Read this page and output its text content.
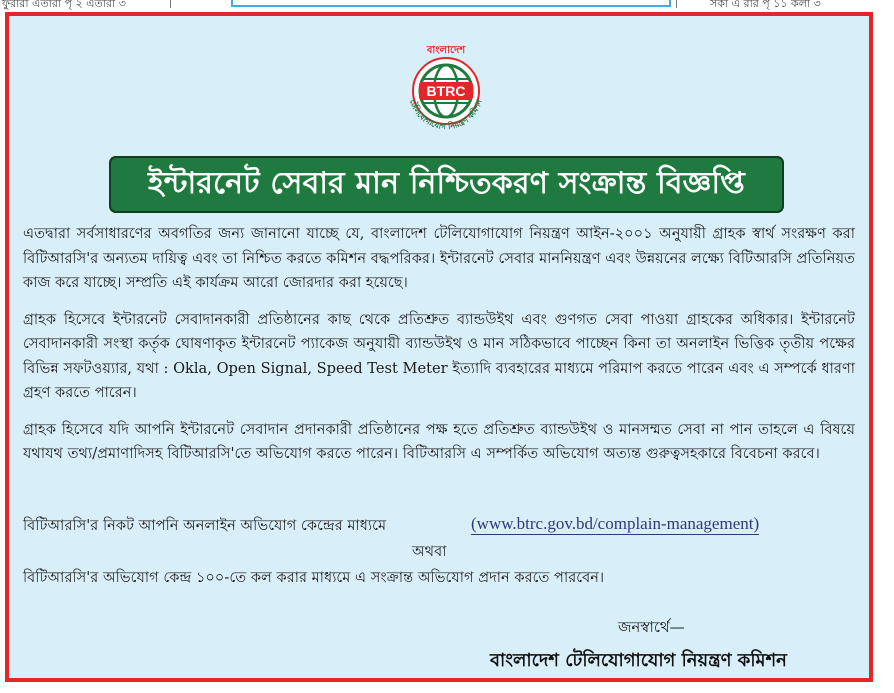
ফুরারা এতারা পৃ ২ এতারা ৩	সকা এ রার পৃ ১১ কলা ৩
BTRC
বাংলাদেশ
টেলিযোগাযোগ নিয়ন্ত্রণ কমিশন
ইন্টারনেট সেবার মান নিশ্চিতকরণ সংক্রান্ত বিজ্ঞপ্তি

এতদ্বারা সর্বসাধারণের অবগতির জন্য জানানো যাচ্ছে যে, বাংলাদেশ টেলিযোগাযোগ নিয়ন্ত্রণ আইন-২০০১ অনুযায়ী গ্রাহক স্বার্থ সংরক্ষণ করা বিটিআরসি'র অন্যতম দায়িত্ব এবং তা নিশ্চিত করতে কমিশন বদ্ধপরিকর। ইন্টারনেট সেবার মাননিয়ন্ত্রণ এবং উন্নয়নের লক্ষ্যে বিটিআরসি প্রতিনিয়ত কাজ করে যাচ্ছে। সম্প্রতি এই কার্যক্রম আরো জোরদার করা হয়েছে।

গ্রাহক হিসেবে ইন্টারনেট সেবাদানকারী প্রতিষ্ঠানের কাছ থেকে প্রতিশ্রুত ব্যান্ডউইথ এবং গুণগত সেবা পাওয়া গ্রাহকের অধিকার। ইন্টারনেট সেবাদানকারী সংস্থা কর্তৃক ঘোষণাকৃত ইন্টারনেট প্যাকেজ অনুযায়ী ব্যান্ডউইথ ও মান সঠিকভাবে পাচ্ছেন কিনা তা অনলাইন ভিত্তিক তৃতীয় পক্ষের বিভিন্ন সফটওয়্যার, যথা : Okla, Open Signal, Speed Test Meter ইত্যাদি ব্যবহারের মাধ্যমে পরিমাপ করতে পারেন এবং এ সম্পর্কে ধারণা গ্রহণ করতে পারেন।

গ্রাহক হিসেবে যদি আপনি ইন্টারনেট সেবাদান প্রদানকারী প্রতিষ্ঠানের পক্ষ হতে প্রতিশ্রুত ব্যান্ডউইথ ও মানসম্মত সেবা না পান তাহলে এ বিষয়ে যথাযথ তথ্য/প্রমাণাদিসহ বিটিআরসি'তে অভিযোগ করতে পারেন। বিটিআরসি এ সম্পর্কিত অভিযোগ অত্যন্ত গুরুত্বসহকারে বিবেচনা করবে।

বিটিআরসি'র নিকট আপনি অনলাইন অভিযোগ কেন্দ্রের মাধ্যমে	(www.btrc.gov.bd/complain-management)
অথবা
বিটিআরসি'র অভিযোগ কেন্দ্র ১০০-তে কল করার মাধ্যমে এ সংক্রান্ত অভিযোগ প্রদান করতে পারবেন।
জনস্বার্থে—
বাংলাদেশ টেলিযোগাযোগ নিয়ন্ত্রণ কমিশন
